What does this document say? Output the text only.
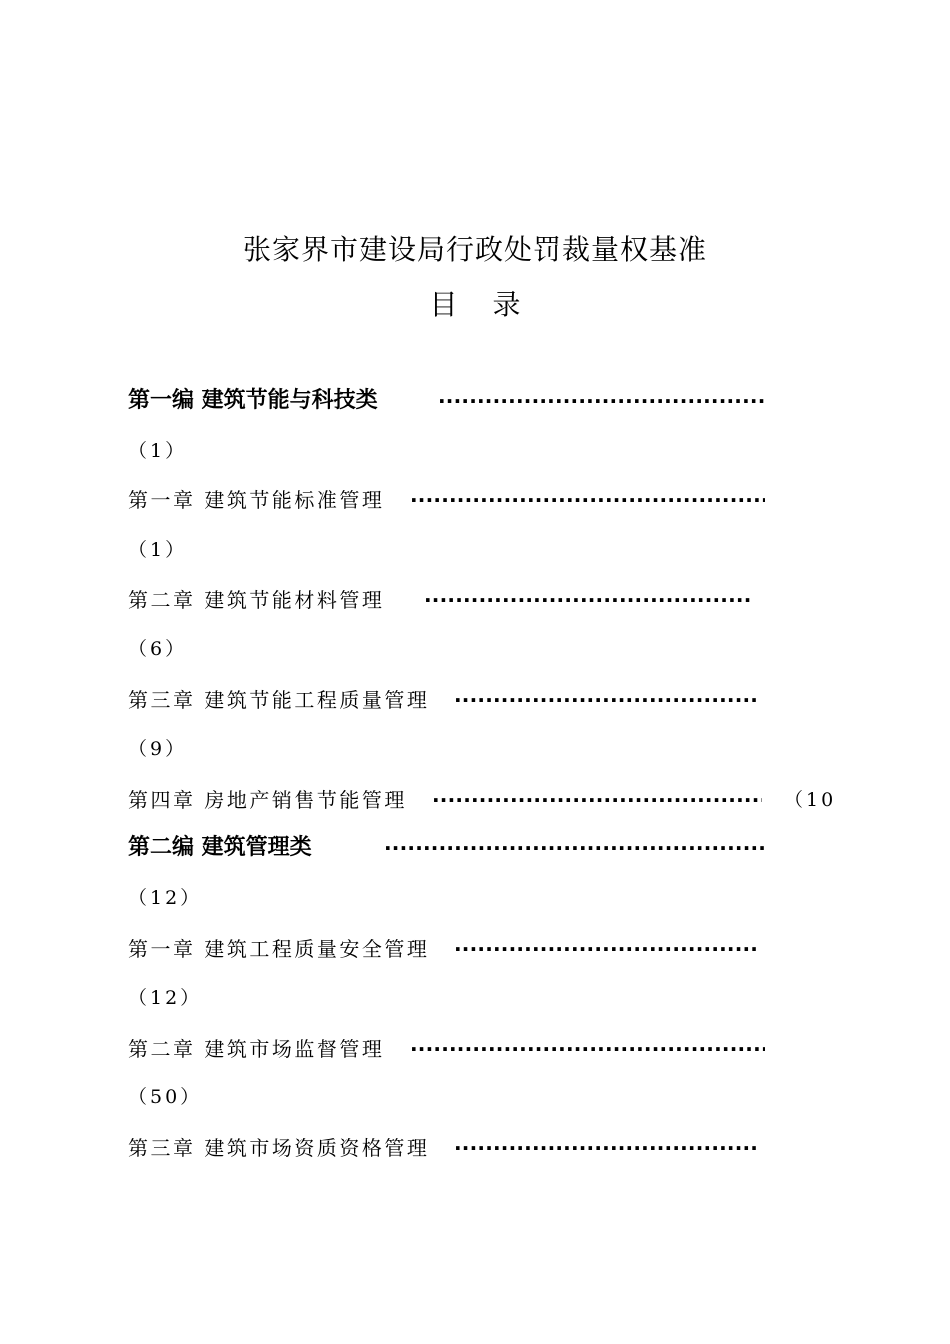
张家界市建设局行政处罚裁量权基准
目 录
第一编 建筑节能与科技类
·····
（1）
第一章 建筑节能标准管理
·····
（1）
第二章 建筑节能材料管理
·····
（6）
第三章 建筑节能工程质量管理
·····
（9）
第四章 房地产销售节能管理
·····	（10
第二编 建筑管理类
·····
（12）
第一章 建筑工程质量安全管理
·····
（12）
第二章 建筑市场监督管理
·····
（50）
第三章 建筑市场资质资格管理
·····
